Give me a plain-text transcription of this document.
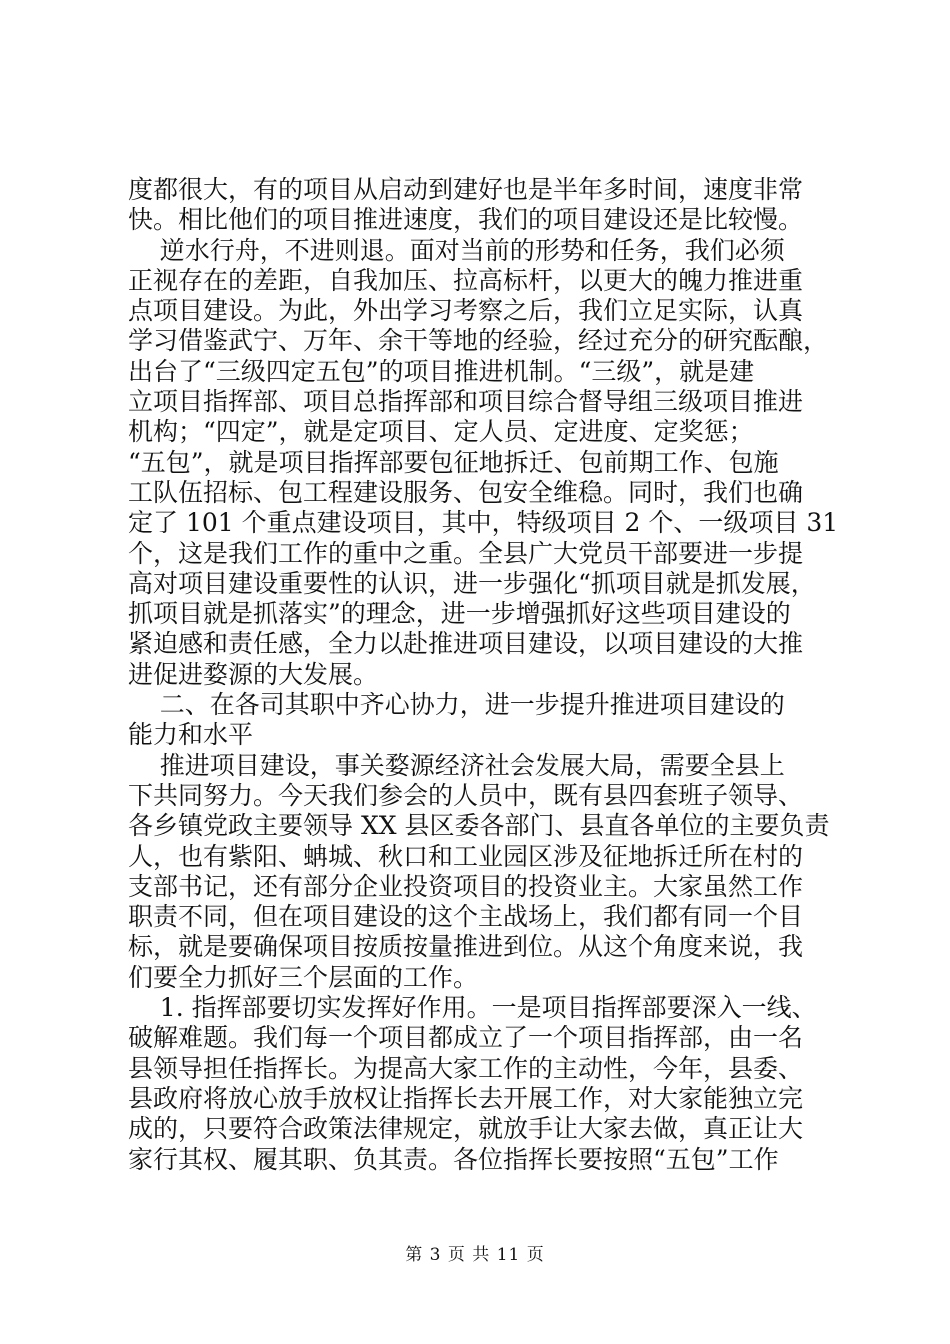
度都很大，有的项目从启动到建好也是半年多时间，速度非常
快。相比他们的项目推进速度，我们的项目建设还是比较慢。
逆水行舟，不进则退。面对当前的形势和任务，我们必须
正视存在的差距，自我加压、拉高标杆，以更大的魄力推进重
点项目建设。为此，外出学习考察之后，我们立足实际，认真
学习借鉴武宁、万年、余干等地的经验，经过充分的研究酝酿，
出台了“三级四定五包”的项目推进机制。“三级”，就是建
立项目指挥部、项目总指挥部和项目综合督导组三级项目推进
机构；“四定”，就是定项目、定人员、定进度、定奖惩；
“五包”，就是项目指挥部要包征地拆迁、包前期工作、包施
工队伍招标、包工程建设服务、包安全维稳。同时，我们也确
定了 101 个重点建设项目，其中，特级项目 2 个、一级项目 31
个，这是我们工作的重中之重。全县广大党员干部要进一步提
高对项目建设重要性的认识，进一步强化“抓项目就是抓发展，
抓项目就是抓落实”的理念，进一步增强抓好这些项目建设的
紧迫感和责任感，全力以赴推进项目建设，以项目建设的大推
进促进婺源的大发展。
二、在各司其职中齐心协力，进一步提升推进项目建设的
能力和水平
推进项目建设，事关婺源经济社会发展大局，需要全县上
下共同努力。今天我们参会的人员中，既有县四套班子领导、
各乡镇党政主要领导 XX 县区委各部门、县直各单位的主要负责
人，也有紫阳、蚺城、秋口和工业园区涉及征地拆迁所在村的
支部书记，还有部分企业投资项目的投资业主。大家虽然工作
职责不同，但在项目建设的这个主战场上，我们都有同一个目
标，就是要确保项目按质按量推进到位。从这个角度来说，我
们要全力抓好三个层面的工作。
1. 指挥部要切实发挥好作用。一是项目指挥部要深入一线、
破解难题。我们每一个项目都成立了一个项目指挥部，由一名
县领导担任指挥长。为提高大家工作的主动性，今年，县委、
县政府将放心放手放权让指挥长去开展工作，对大家能独立完
成的，只要符合政策法律规定，就放手让大家去做，真正让大
家行其权、履其职、负其责。各位指挥长要按照“五包”工作
第 3 页 共 11 页
